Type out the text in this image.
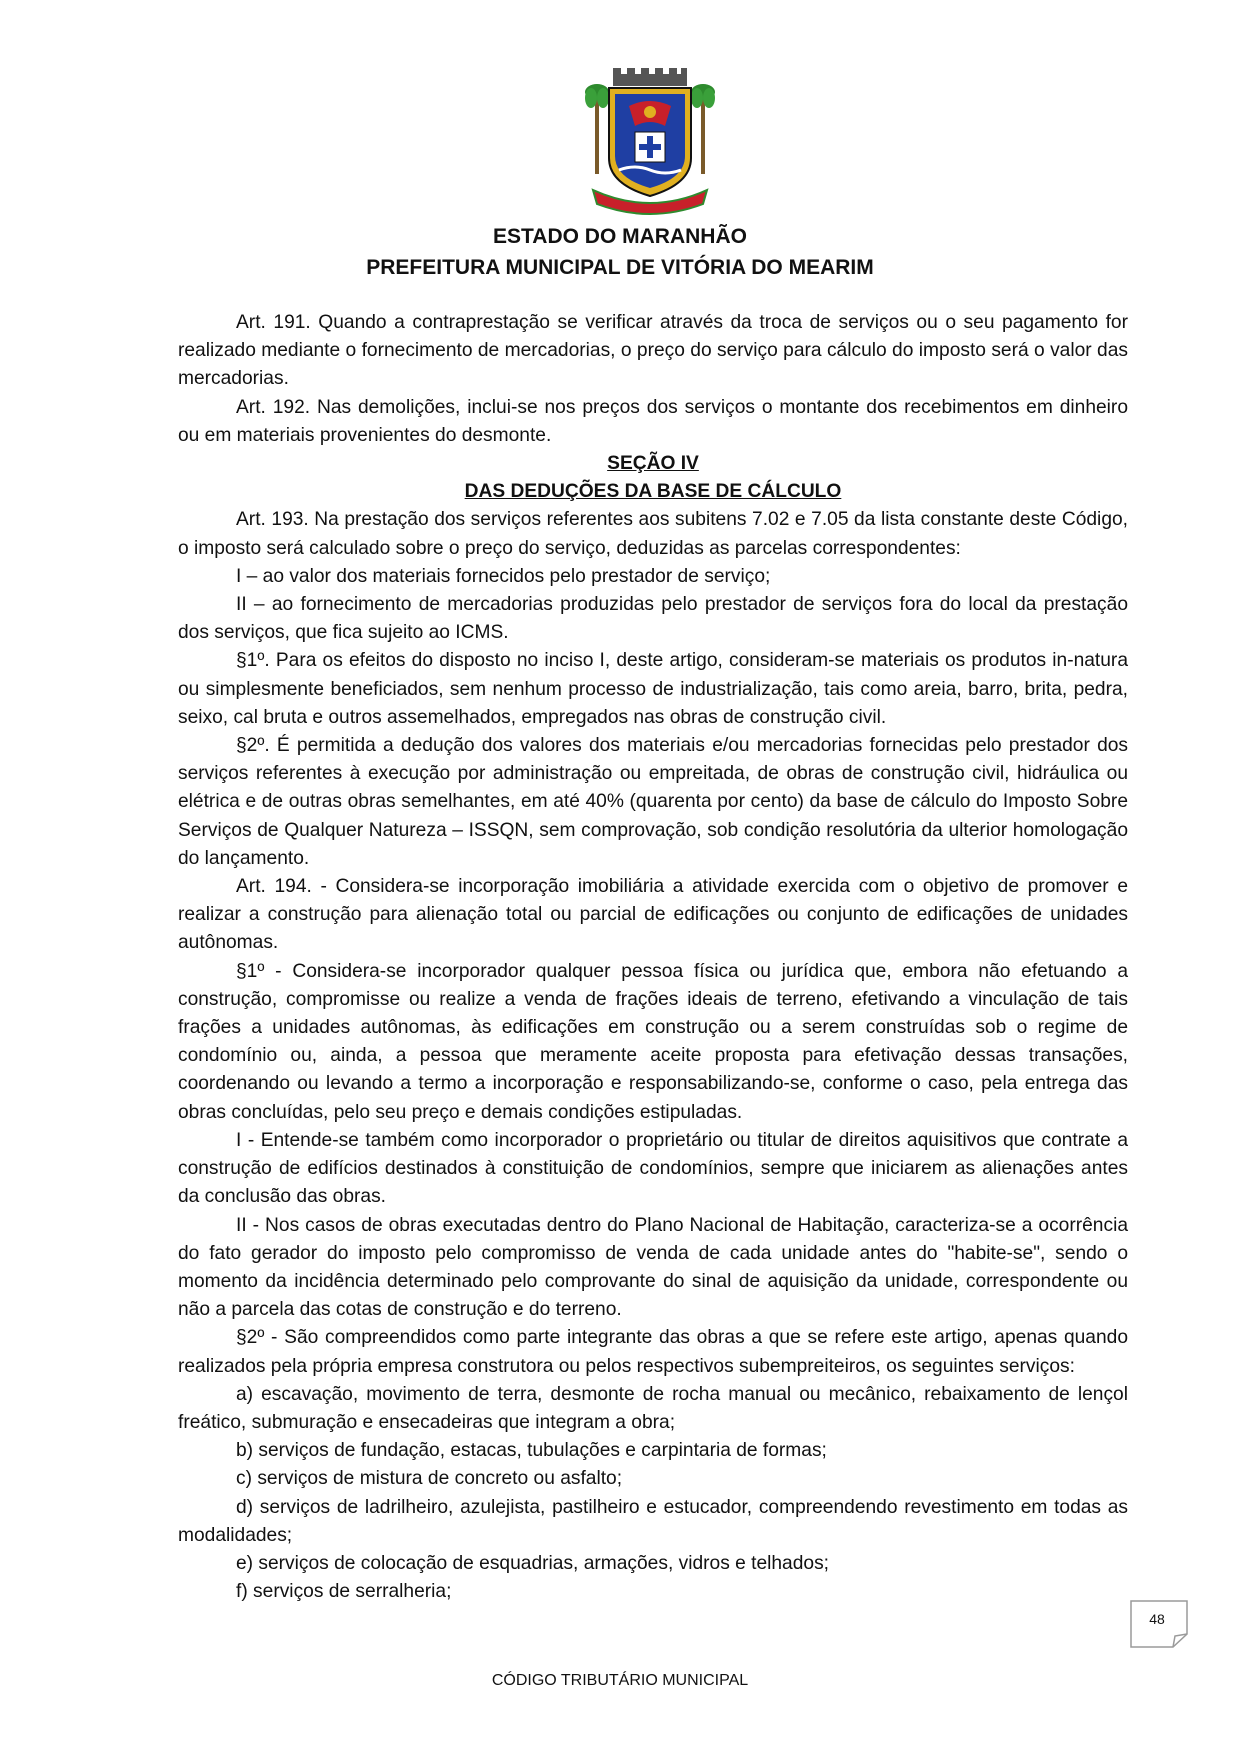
ESTADO DO MARANHÃO
PREFEITURA MUNICIPAL DE VITÓRIA DO MEARIM

Art. 191. Quando a contraprestação se verificar através da troca de serviços ou o seu pagamento for realizado mediante o fornecimento de mercadorias, o preço do serviço para cálculo do imposto será o valor das mercadorias.

Art. 192. Nas demolições, inclui-se nos preços dos serviços o montante dos recebimentos em dinheiro ou em materiais provenientes do desmonte.

SEÇÃO IV

DAS DEDUÇÕES DA BASE DE CÁLCULO

Art. 193. Na prestação dos serviços referentes aos subitens 7.02 e 7.05 da lista constante deste Código, o imposto será calculado sobre o preço do serviço, deduzidas as parcelas correspondentes:

I – ao valor dos materiais fornecidos pelo prestador de serviço;

II – ao fornecimento de mercadorias produzidas pelo prestador de serviços fora do local da prestação dos serviços, que fica sujeito ao ICMS.

§1º. Para os efeitos do disposto no inciso I, deste artigo, consideram-se materiais os produtos in-natura ou simplesmente beneficiados, sem nenhum processo de industrialização, tais como areia, barro, brita, pedra, seixo, cal bruta e outros assemelhados, empregados nas obras de construção civil.

§2º. É permitida a dedução dos valores dos materiais e/ou mercadorias fornecidas pelo prestador dos serviços referentes à execução por administração ou empreitada, de obras de construção civil, hidráulica ou elétrica e de outras obras semelhantes, em até 40% (quarenta por cento) da base de cálculo do Imposto Sobre Serviços de Qualquer Natureza – ISSQN, sem comprovação, sob condição resolutória da ulterior homologação do lançamento.

Art. 194. - Considera-se incorporação imobiliária a atividade exercida com o objetivo de promover e realizar a construção para alienação total ou parcial de edificações ou conjunto de edificações de unidades autônomas.

§1º - Considera-se incorporador qualquer pessoa física ou jurídica que, embora não efetuando a construção, compromisse ou realize a venda de frações ideais de terreno, efetivando a vinculação de tais frações a unidades autônomas, às edificações em construção ou a serem construídas sob o regime de condomínio ou, ainda, a pessoa que meramente aceite proposta para efetivação dessas transações, coordenando ou levando a termo a incorporação e responsabilizando-se, conforme o caso, pela entrega das obras concluídas, pelo seu preço e demais condições estipuladas.

I - Entende-se também como incorporador o proprietário ou titular de direitos aquisitivos que contrate a construção de edifícios destinados à constituição de condomínios, sempre que iniciarem as alienações antes da conclusão das obras.

II - Nos casos de obras executadas dentro do Plano Nacional de Habitação, caracteriza-se a ocorrência do fato gerador do imposto pelo compromisso de venda de cada unidade antes do "habite-se", sendo o momento da incidência determinado pelo comprovante do sinal de aquisição da unidade, correspondente ou não a parcela das cotas de construção e do terreno.

§2º - São compreendidos como parte integrante das obras a que se refere este artigo, apenas quando realizados pela própria empresa construtora ou pelos respectivos subempreiteiros, os seguintes serviços:

a) escavação, movimento de terra, desmonte de rocha manual ou mecânico, rebaixamento de lençol freático, submuração e ensecadeiras que integram a obra;

b) serviços de fundação, estacas, tubulações e carpintaria de formas;

c) serviços de mistura de concreto ou asfalto;

d) serviços de ladrilheiro, azulejista, pastilheiro e estucador, compreendendo revestimento em todas as modalidades;

e) serviços de colocação de esquadrias, armações, vidros e telhados;

f) serviços de serralheria;

48
CÓDIGO TRIBUTÁRIO MUNICIPAL
